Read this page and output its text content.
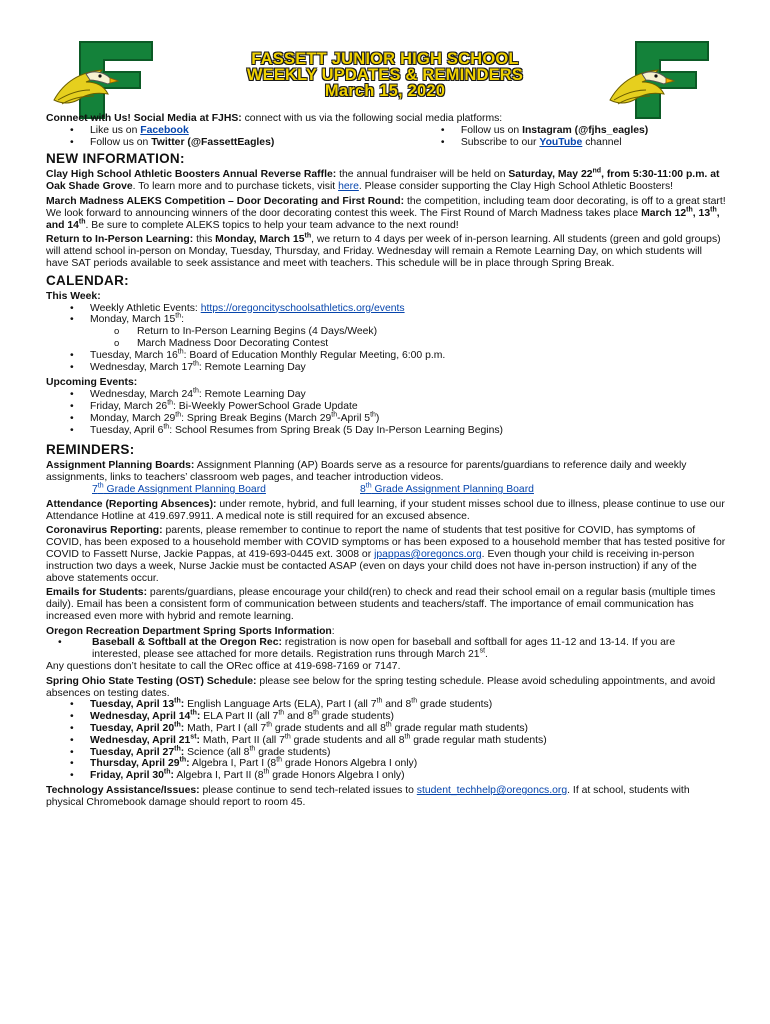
FASSETT JUNIOR HIGH SCHOOL
WEEKLY UPDATES & REMINDERS
March 15, 2020

Connect with Us! Social Media at FJHS: connect with us via the following social media platforms:

• Like us on Facebook
• Follow us on Twitter (@FassettEagles)
• Follow us on Instagram (@fjhs_eagles)
• Subscribe to our YouTube channel
NEW INFORMATION:

Clay High School Athletic Boosters Annual Reverse Raffle: the annual fundraiser will be held on Saturday, May 22nd, from 5:30-11:00 p.m. at Oak Shade Grove. To learn more and to purchase tickets, visit here. Please consider supporting the Clay High School Athletic Boosters!

March Madness ALEKS Competition – Door Decorating and First Round: the competition, including team door decorating, is off to a great start! We look forward to announcing winners of the door decorating contest this week. The First Round of March Madness takes place March 12th, 13th, and 14th. Be sure to complete ALEKS topics to help your team advance to the next round!

Return to In-Person Learning: this Monday, March 15th, we return to 4 days per week of in-person learning. All students (green and gold groups) will attend school in-person on Monday, Tuesday, Thursday, and Friday. Wednesday will remain a Remote Learning Day, on which students will have SAT periods available to seek assistance and meet with teachers. This schedule will be in place through Spring Break.

CALENDAR:

This Week:

• Weekly Athletic Events: https://oregoncityschoolsathletics.org/events
• Monday, March 15th:
o Return to In-Person Learning Begins (4 Days/Week)
o March Madness Door Decorating Contest
• Tuesday, March 16th: Board of Education Monthly Regular Meeting, 6:00 p.m.
• Wednesday, March 17th: Remote Learning Day

Upcoming Events:

• Wednesday, March 24th: Remote Learning Day
• Friday, March 26th: Bi-Weekly PowerSchool Grade Update
• Monday, March 29th: Spring Break Begins (March 29th-April 5th)
• Tuesday, April 6th: School Resumes from Spring Break (5 Day In-Person Learning Begins)
REMINDERS:

Assignment Planning Boards: Assignment Planning (AP) Boards serve as a resource for parents/guardians to reference daily and weekly assignments, links to teachers’ classroom web pages, and teacher introduction videos.

7th Grade Assignment Planning Board	8th Grade Assignment Planning Board

Attendance (Reporting Absences): under remote, hybrid, and full learning, if your student misses school due to illness, please continue to use our Attendance Hotline at 419.697.9911. A medical note is still required for an excused absence.

Coronavirus Reporting: parents, please remember to continue to report the name of students that test positive for COVID, has symptoms of COVID, has been exposed to a household member with COVID symptoms or has been exposed to a household member that has tested positive for COVID to Fassett Nurse, Jackie Pappas, at 419-693-0445 ext. 3008 or jpappas@oregoncs.org. Even though your child is receiving in-person instruction two days a week, Nurse Jackie must be contacted ASAP (even on days your child does not have in-person instruction) if any of the above statements occur.

Emails for Students: parents/guardians, please encourage your child(ren) to check and read their school email on a regular basis (multiple times daily). Email has been a consistent form of communication between students and teachers/staff. The importance of email communication has increased even more with hybrid and remote learning.

Oregon Recreation Department Spring Sports Information:

• Baseball & Softball at the Oregon Rec: registration is now open for baseball and softball for ages 11-12 and 13-14. If you are interested, please see attached for more details. Registration runs through March 21st.

Any questions don’t hesitate to call the ORec office at 419-698-7169 or 7147.

Spring Ohio State Testing (OST) Schedule: please see below for the spring testing schedule. Please avoid scheduling appointments, and avoid absences on testing dates.

• Tuesday, April 13th: English Language Arts (ELA), Part I (all 7th and 8th grade students)
• Wednesday, April 14th: ELA Part II (all 7th and 8th grade students)
• Tuesday, April 20th: Math, Part I (all 7th grade students and all 8th grade regular math students)
• Wednesday, April 21st: Math, Part II (all 7th grade students and all 8th grade regular math students)
• Tuesday, April 27th: Science (all 8th grade students)
• Thursday, April 29th: Algebra I, Part I (8th grade Honors Algebra I only)
• Friday, April 30th: Algebra I, Part II (8th grade Honors Algebra I only)

Technology Assistance/Issues: please continue to send tech-related issues to student_techhelp@oregoncs.org. If at school, students with physical Chromebook damage should report to room 45.
